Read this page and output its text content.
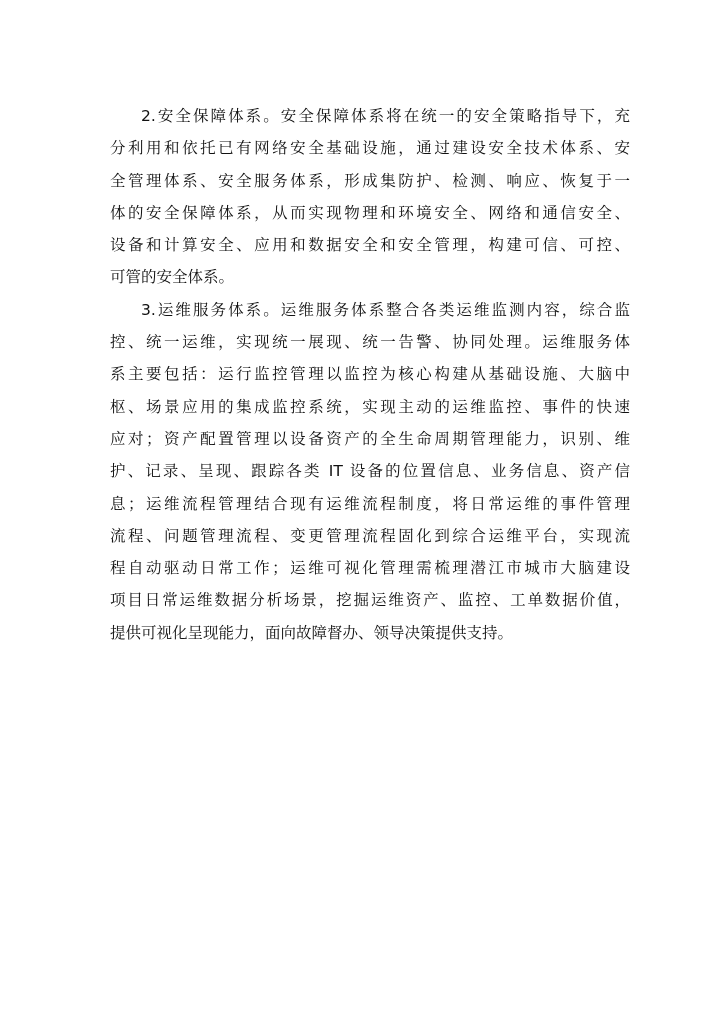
2.安全保障体系。安全保障体系将在统一的安全策略指导下，充
分利用和依托已有网络安全基础设施，通过建设安全技术体系、安
全管理体系、安全服务体系，形成集防护、检测、响应、恢复于一
体的安全保障体系，从而实现物理和环境安全、网络和通信安全、
设备和计算安全、应用和数据安全和安全管理，构建可信、可控、
可管的安全体系。
3.运维服务体系。运维服务体系整合各类运维监测内容，综合监
控、统一运维，实现统一展现、统一告警、协同处理。运维服务体
系主要包括：运行监控管理以监控为核心构建从基础设施、大脑中
枢、场景应用的集成监控系统，实现主动的运维监控、事件的快速
应对；资产配置管理以设备资产的全生命周期管理能力，识别、维
护、记录、呈现、跟踪各类 IT 设备的位置信息、业务信息、资产信
息；运维流程管理结合现有运维流程制度，将日常运维的事件管理
流程、问题管理流程、变更管理流程固化到综合运维平台，实现流
程自动驱动日常工作；运维可视化管理需梳理潜江市城市大脑建设
项目日常运维数据分析场景，挖掘运维资产、监控、工单数据价值，
提供可视化呈现能力，面向故障督办、领导决策提供支持。
